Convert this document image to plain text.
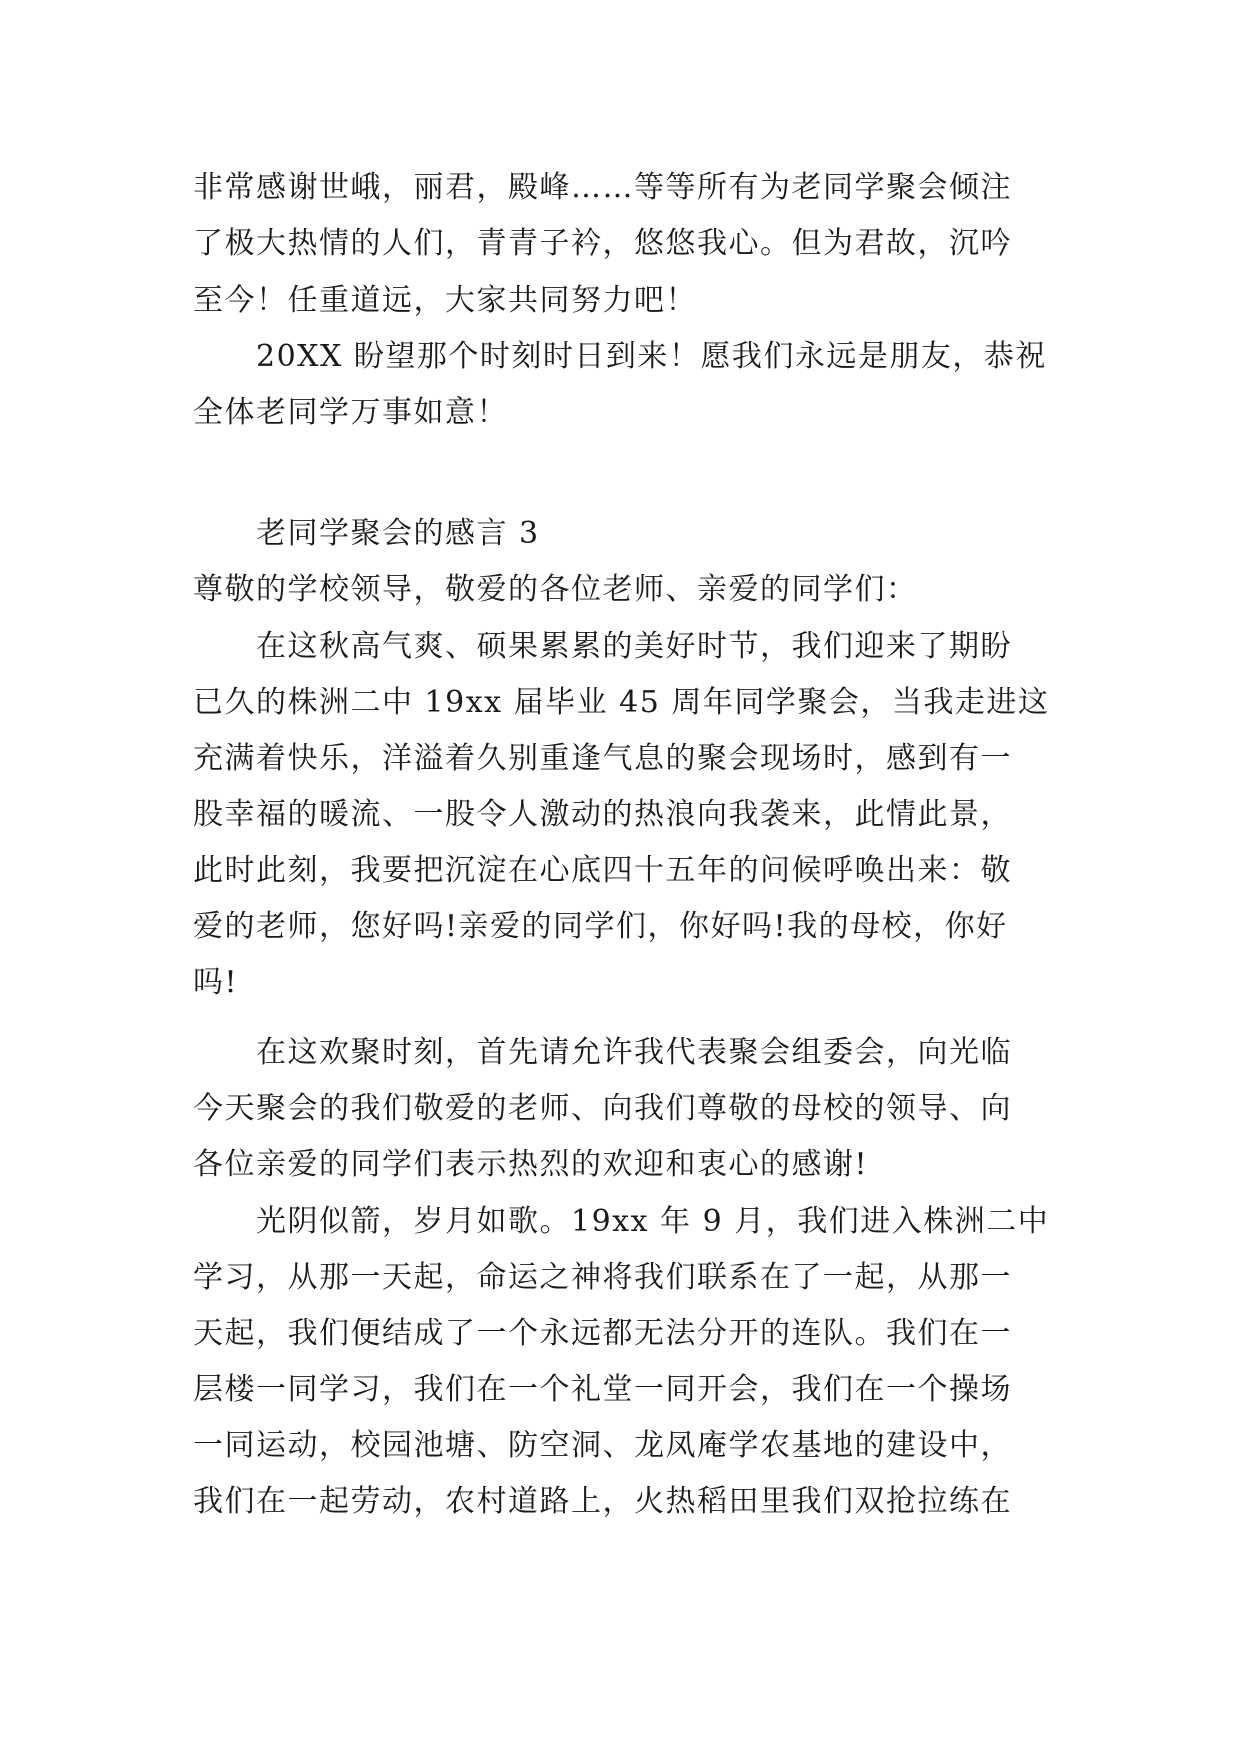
非常感谢世峨，丽君，殿峰……等等所有为老同学聚会倾注
了极大热情的人们，青青子衿，悠悠我心。但为君故，沉吟
至今！任重道远，大家共同努力吧！
20XX 盼望那个时刻时日到来！愿我们永远是朋友，恭祝
全体老同学万事如意！
老同学聚会的感言 3
尊敬的学校领导，敬爱的各位老师、亲爱的同学们：
在这秋高气爽、硕果累累的美好时节，我们迎来了期盼
已久的株洲二中 19xx 届毕业 45 周年同学聚会，当我走进这
充满着快乐，洋溢着久别重逢气息的聚会现场时，感到有一
股幸福的暖流、一股令人激动的热浪向我袭来，此情此景，
此时此刻，我要把沉淀在心底四十五年的问候呼唤出来：敬
爱的老师，您好吗!亲爱的同学们，你好吗!我的母校，你好
吗!
在这欢聚时刻，首先请允许我代表聚会组委会，向光临
今天聚会的我们敬爱的老师、向我们尊敬的母校的领导、向
各位亲爱的同学们表示热烈的欢迎和衷心的感谢!
光阴似箭，岁月如歌。19xx 年 9 月，我们进入株洲二中
学习，从那一天起，命运之神将我们联系在了一起，从那一
天起，我们便结成了一个永远都无法分开的连队。我们在一
层楼一同学习，我们在一个礼堂一同开会，我们在一个操场
一同运动，校园池塘、防空洞、龙凤庵学农基地的建设中，
我们在一起劳动，农村道路上，火热稻田里我们双抢拉练在
